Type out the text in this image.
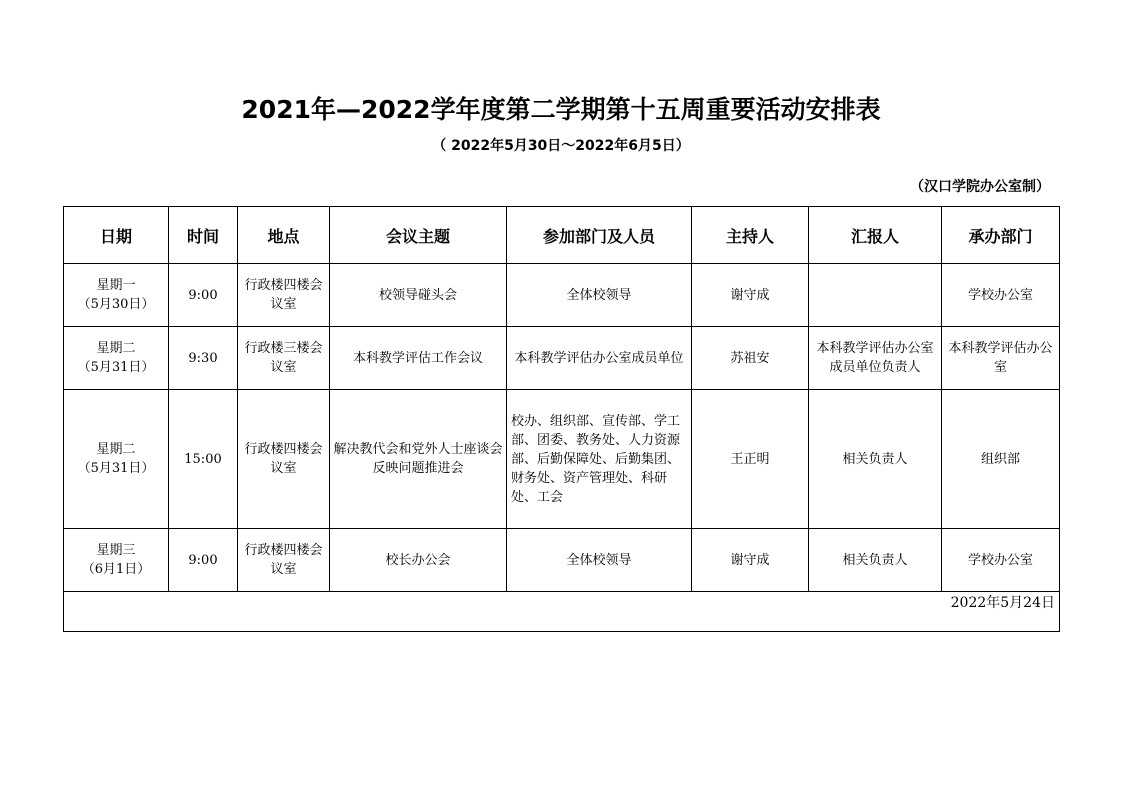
2021年—2022学年度第二学期第十五周重要活动安排表
（ 2022年5月30日～2022年6月5日）
（汉口学院办公室制）
日期	时间	地点	会议主题	参加部门及人员	主持人	汇报人	承办部门

星期一
（5月30日）	9:00	行政楼四楼会议室	校领导碰头会	全体校领导	谢守成		学校办公室

星期二
（5月31日）	9:30	行政楼三楼会议室	本科教学评估工作会议	本科教学评估办公室成员单位	苏祖安	本科教学评估办公室成员单位负责人	本科教学评估办公室

星期二
（5月31日）	15:00	行政楼四楼会议室	解决教代会和党外人士座谈会反映问题推进会	校办、组织部、宣传部、学工部、团委、教务处、人力资源部、后勤保障处、后勤集团、财务处、资产管理处、科研处、工会	王正明	相关负责人	组织部

星期三
（6月1日）	9:00	行政楼四楼会议室	校长办公会	全体校领导	谢守成	相关负责人	学校办公室
2022年5月24日							
